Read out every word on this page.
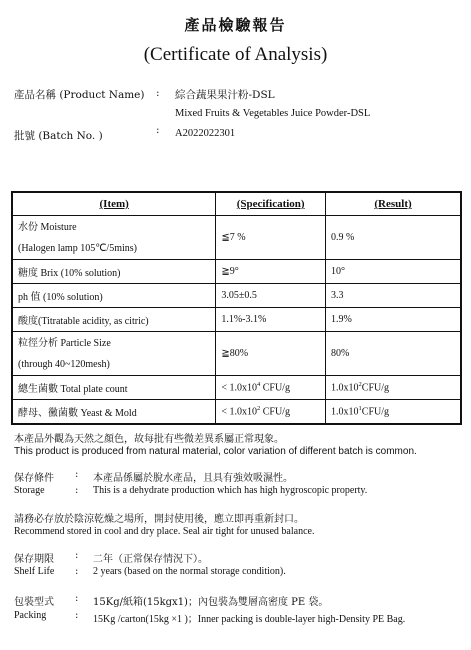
產品檢驗報告
(Certificate of Analysis)
產品名稱 (Product Name) : 綜合蔬果果汁粉-DSL
Mixed Fruits & Vegetables Juice Powder-DSL
批號 (Batch No. )	: A2022022301
(Item)	(Specification)	(Result)

水份 Moisture
(Halogen lamp 105℃/5mins)	≦7 %	0.9 %
糖度 Brix (10% solution)	≧9°	10°
ph 值 (10% solution)	3.05±0.5	3.3
酸度(Titratable acidity, as citric)	1.1%-3.1%	1.9%

粒徑分析 Particle Size
(through 40~120mesh)	≧80%	80%
總生菌數 Total plate count	< $1.0x10^4$ CFU/g	$1.0x10^2CFU/g$
酵母、黴菌數 Yeast & Mold	< $1.0x10^2$ CFU/g	$1.0x10^1CFU/g$
本產品外觀為天然之顏色，故每批有些微差異系屬正常現象。
This product is produced from natural material, color variation of different batch is common.
保存條件 : 本產品係屬於脫水產品，且具有強效吸濕性。
Storage	: This is a dehydrate production which has high hygroscopic property.
請務必存放於陰涼乾燥之場所，開封使用後，應立即再重新封口。
Recommend stored in cool and dry place. Seal air tight for unused balance.
保存期限 : 二年（正常保存情況下）。
Shelf Life : 2 years (based on the normal storage condition).
包裝型式 : 15Kg/紙箱(15kgx1)；內包裝為雙層高密度 PE 袋。
Packing	: 15Kg /carton(15kg ×1 )；Inner packing is double-layer high-Density PE Bag.
